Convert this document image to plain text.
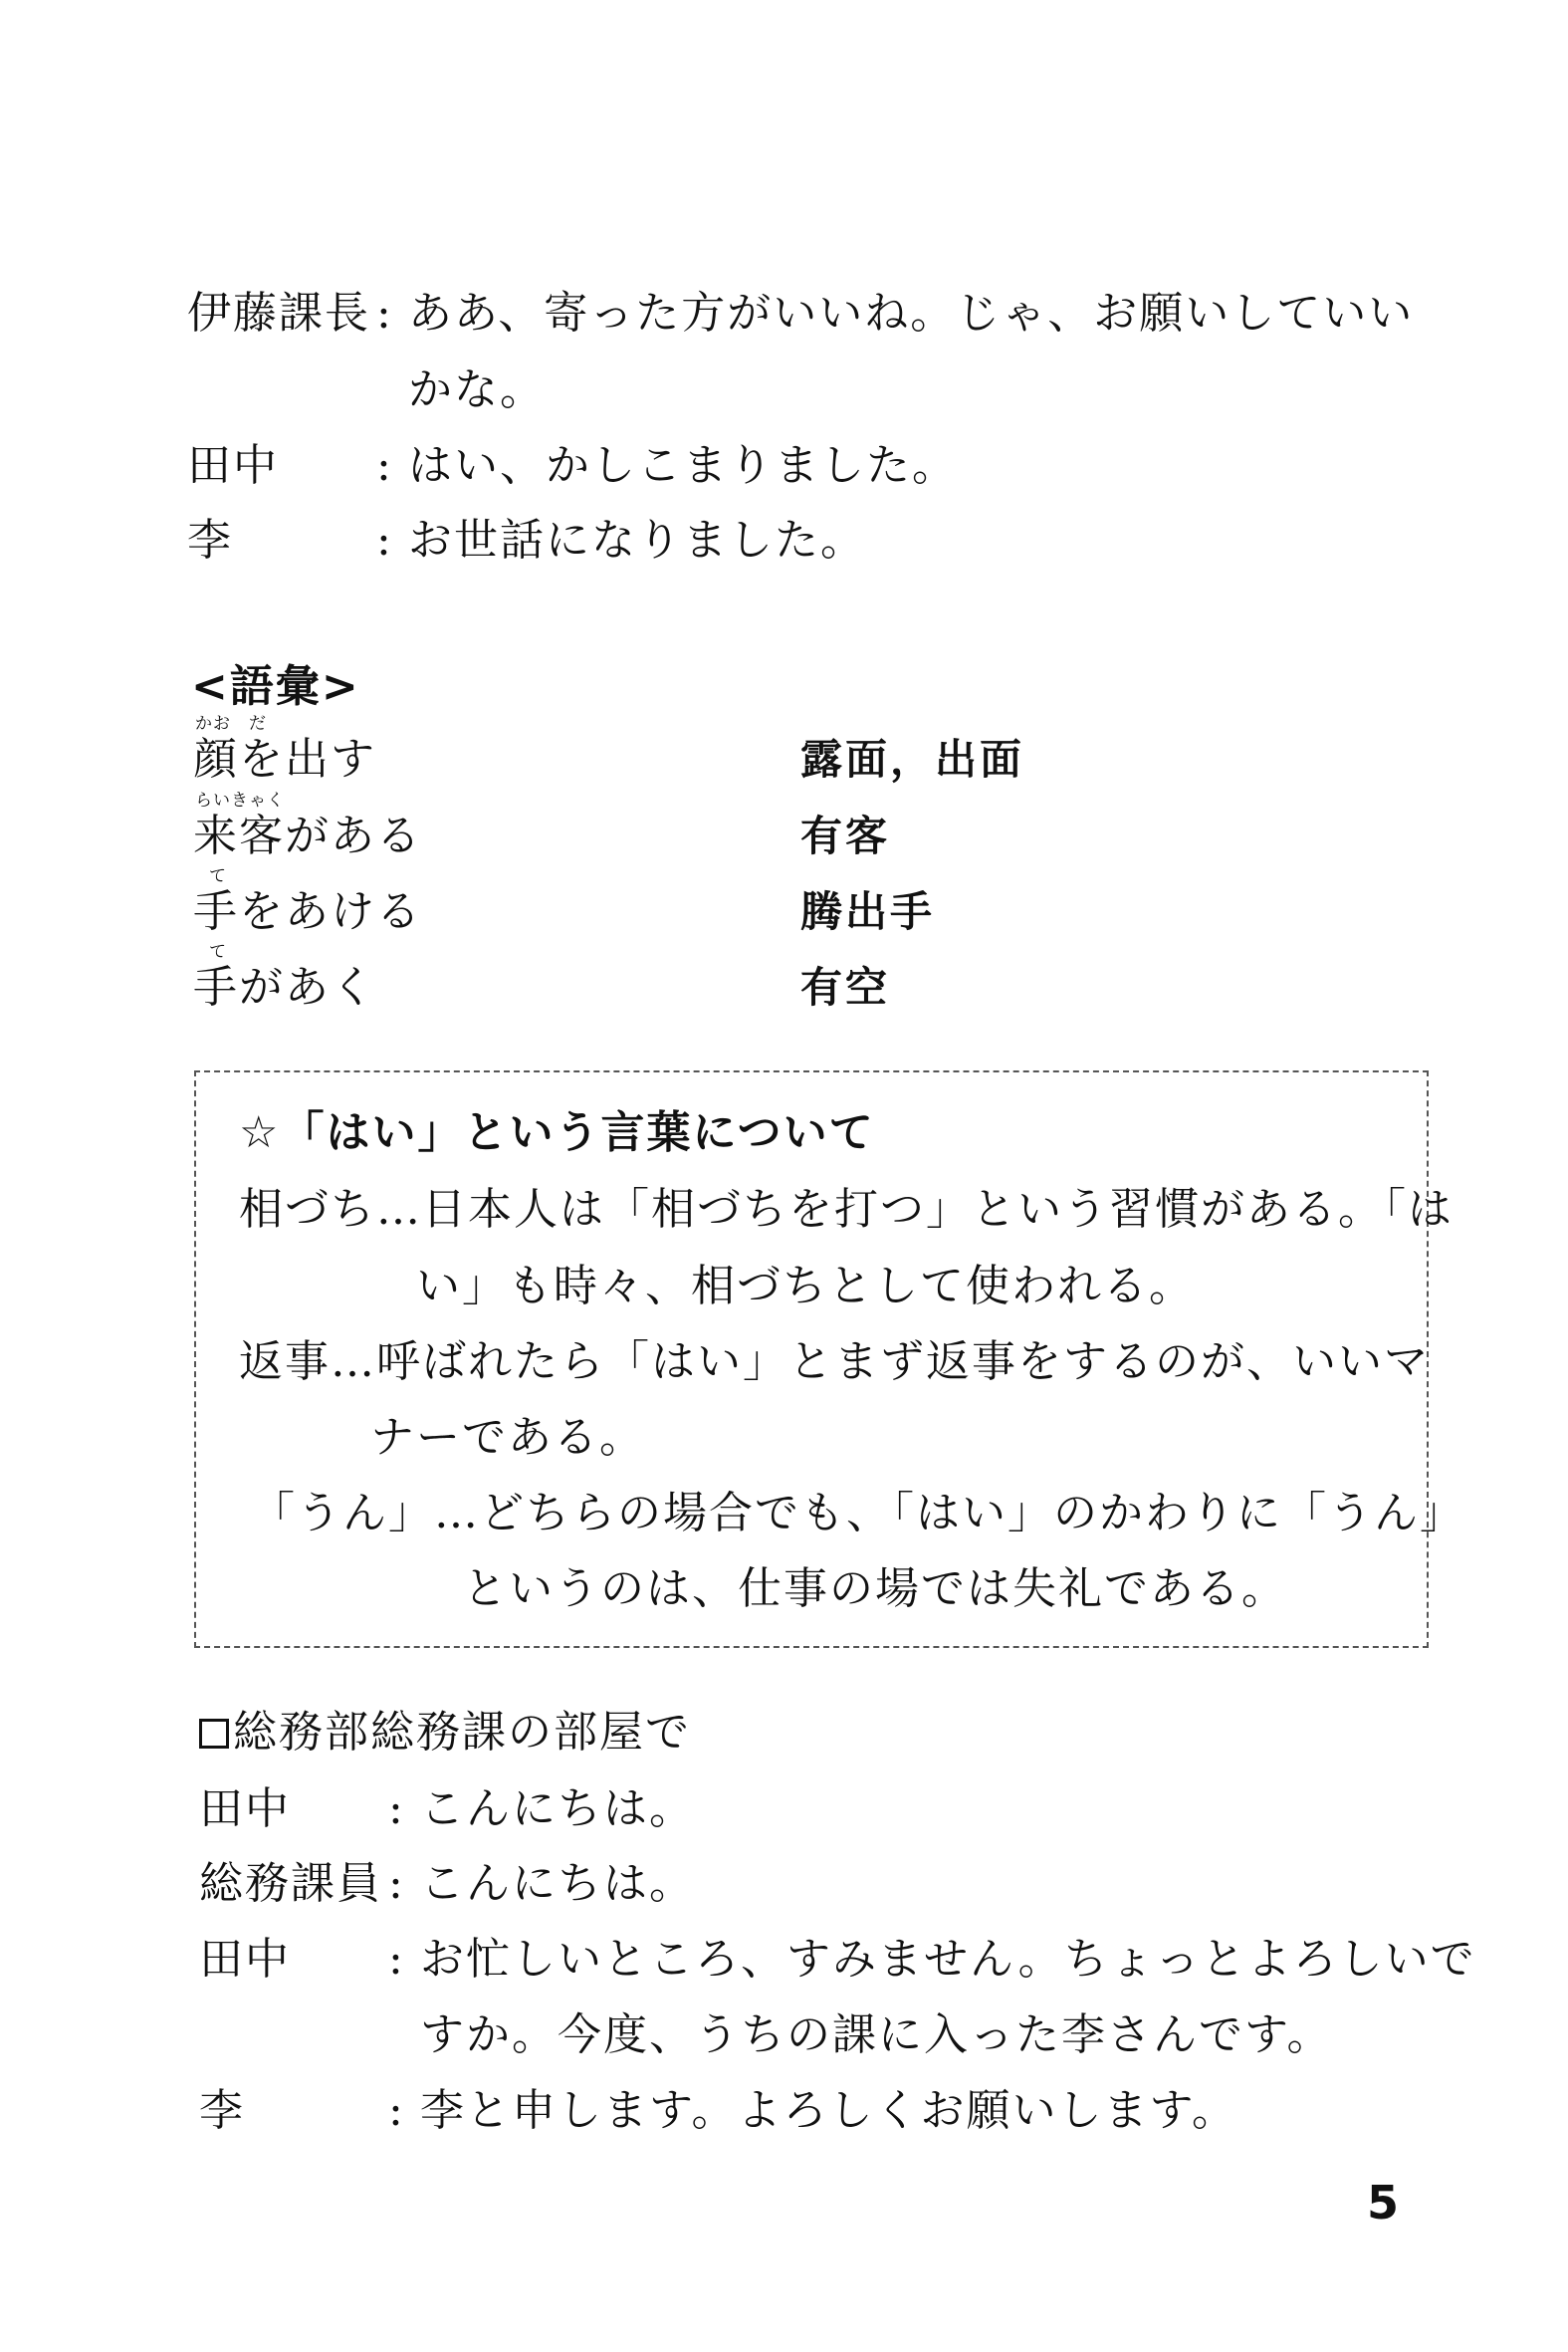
伊藤課長 : ああ、寄った方がいいね。じゃ、お願いしていい
かな。
田中 : はい、かしこまりました。
李	: お世話になりました。
<語彙>
かお　だ
顔を出す	露面，出面
らいきゃく
来客がある	有客
て
手をあける	腾出手
て
手があく	有空
☆「はい」という言葉について
相づち…日本人は「相づちを打つ」という習慣がある。「は
い」も時々、相づちとして使われる。
返事…呼ばれたら「はい」とまず返事をするのが、いいマ
ナーである。
「うん」…どちらの場合でも、「はい」のかわりに「うん」
というのは、仕事の場では失礼である。
総務部総務課の部屋で
田中 : こんにちは。
総務課員 : こんにちは。
田中 : お忙しいところ、すみません。ちょっとよろしいで
すか。今度、うちの課に入った李さんです。
李	: 李と申します。よろしくお願いします。
5
